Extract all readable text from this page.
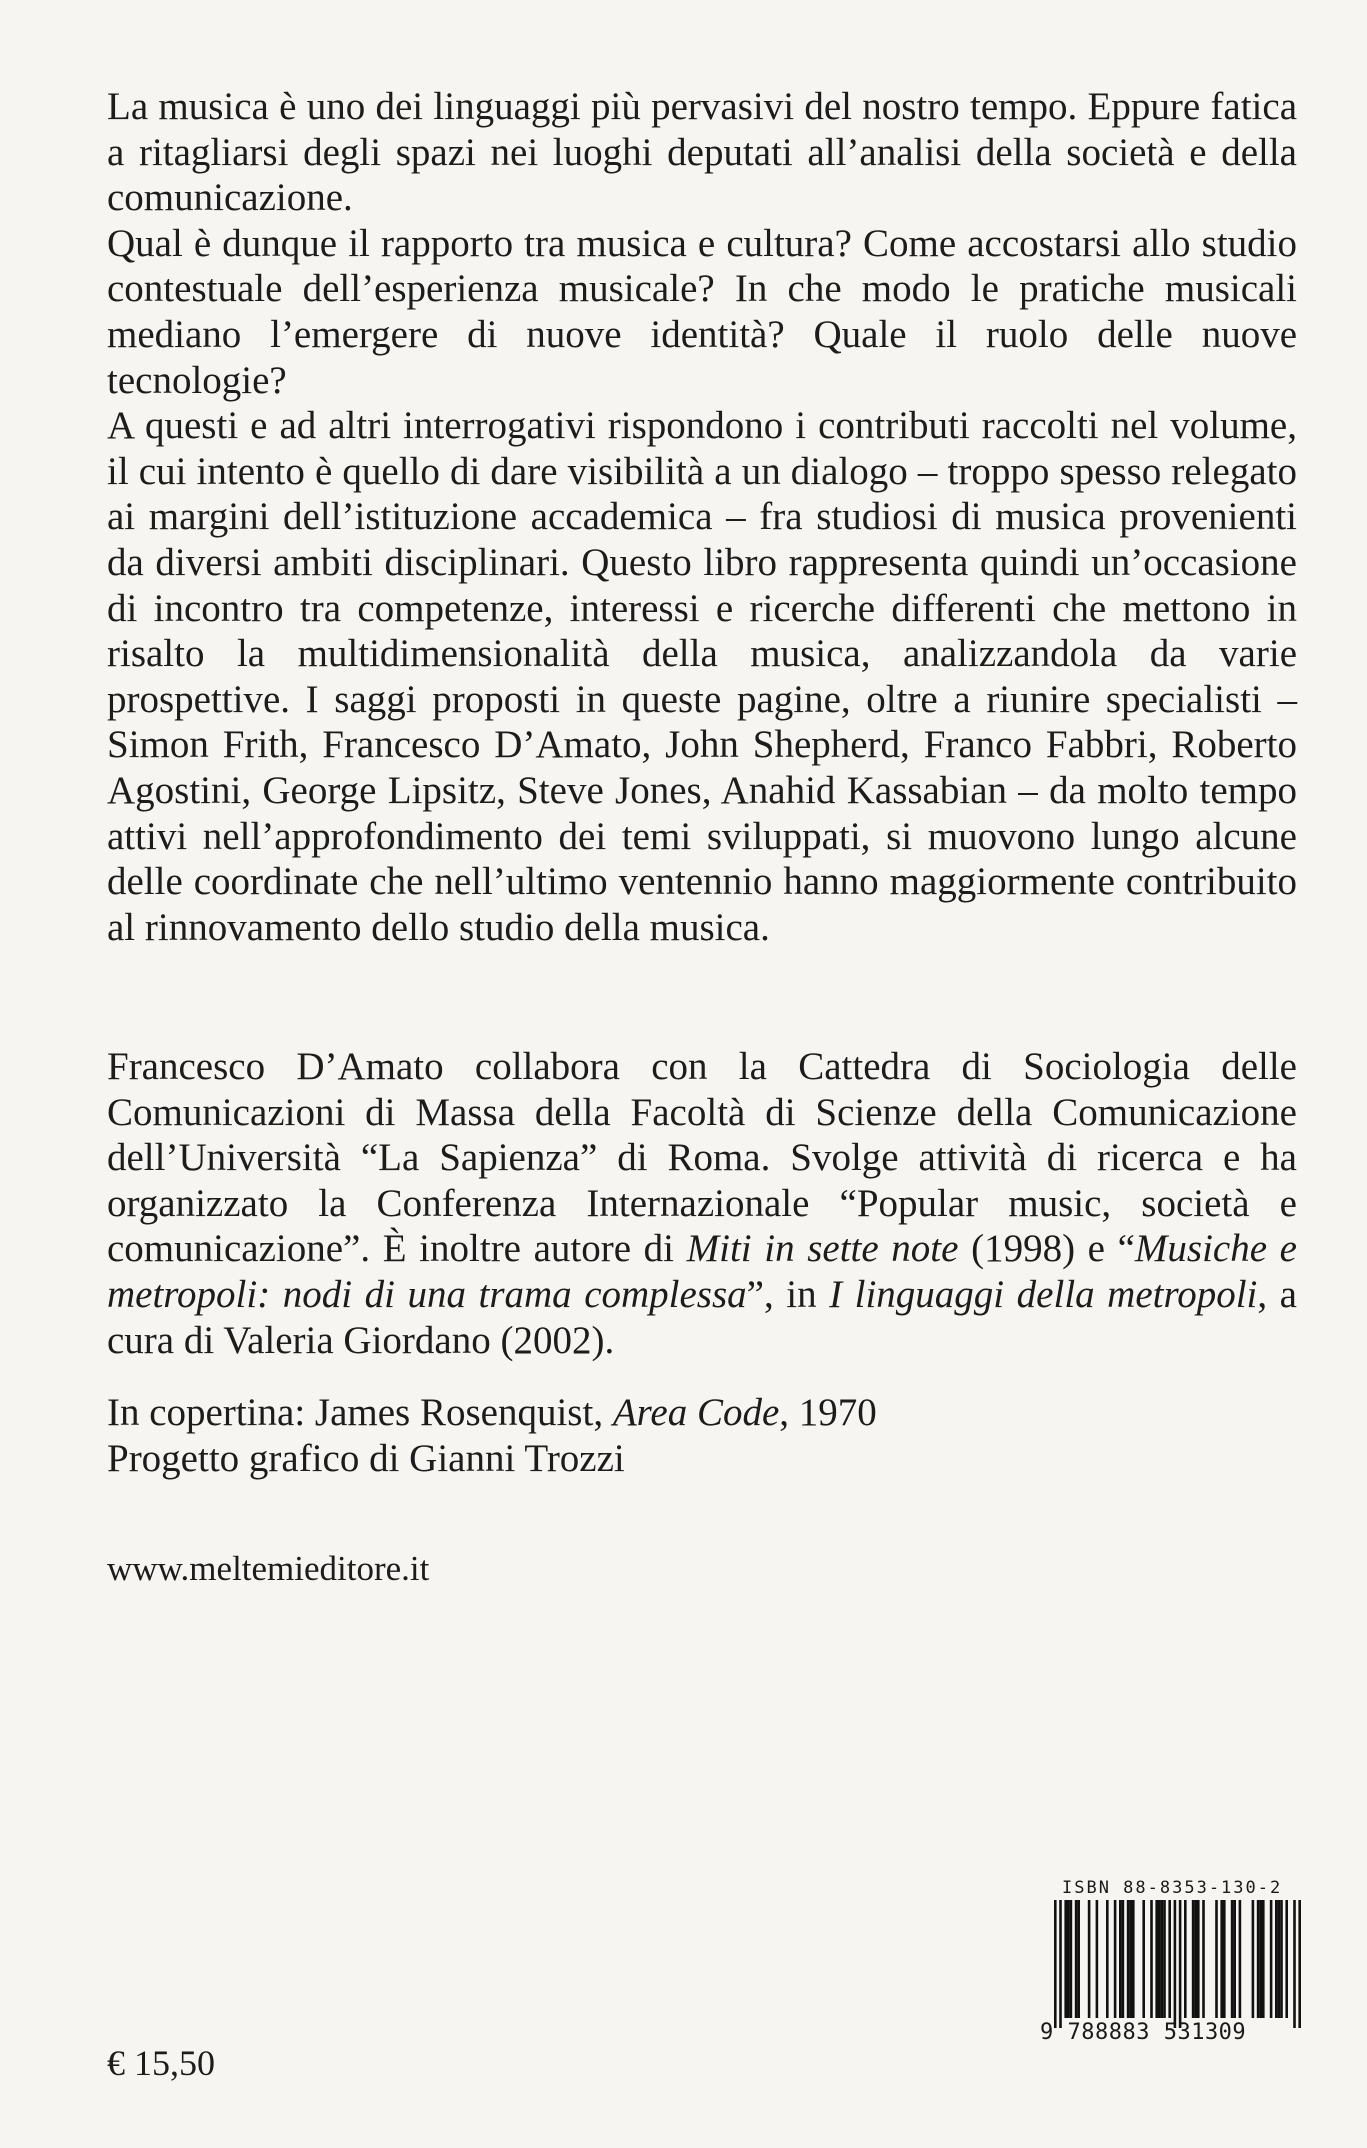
La musica è uno dei linguaggi più pervasivi del nostro tempo. Eppure fatica a ritagliarsi degli spazi nei luoghi deputati all’analisi della società e della comunicazione.

Qual è dunque il rapporto tra musica e cultura? Come accostarsi allo studio contestuale dell’esperienza musicale? In che modo le pratiche musicali mediano l’emergere di nuove identità? Quale il ruolo delle nuove tecnologie?

A questi e ad altri interrogativi rispondono i contributi raccolti nel volume, il cui intento è quello di dare visibilità a un dialogo – troppo spesso relegato ai margini dell’istituzione accademica – fra studiosi di musica provenienti da diversi ambiti disciplinari. Questo libro rappresenta quindi un’occasione di incontro tra competenze, interessi e ricerche differenti che mettono in risalto la multidimensionalità della musica, analizzandola da varie prospettive. I saggi proposti in queste pagine, oltre a riunire specialisti – Simon Frith, Francesco D’Amato, John Shepherd, Franco Fabbri, Roberto Agostini, George Lipsitz, Steve Jones, Anahid Kassabian – da molto tempo attivi nell’approfondimento dei temi sviluppati, si muovono lungo alcune delle coordinate che nell’ultimo ventennio hanno maggiormente contribuito al rinnovamento dello studio della musica.

Francesco D’Amato collabora con la Cattedra di Sociologia delle Comunicazioni di Massa della Facoltà di Scienze della Comunicazione dell’Università “La Sapienza” di Roma. Svolge attività di ricerca e ha organizzato la Conferenza Internazionale “Popular music, società e comunicazione”. È inoltre autore di Miti in sette note (1998) e “Musiche e metropoli: nodi di una trama complessa”, in I linguaggi della metropoli, a cura di Valeria Giordano (2002).

In copertina: James Rosenquist, Area Code, 1970
Progetto grafico di Gianni Trozzi
www.meltemieditore.it
ISBN 88-8353-130-2
9 788883 531309
€ 15,50
